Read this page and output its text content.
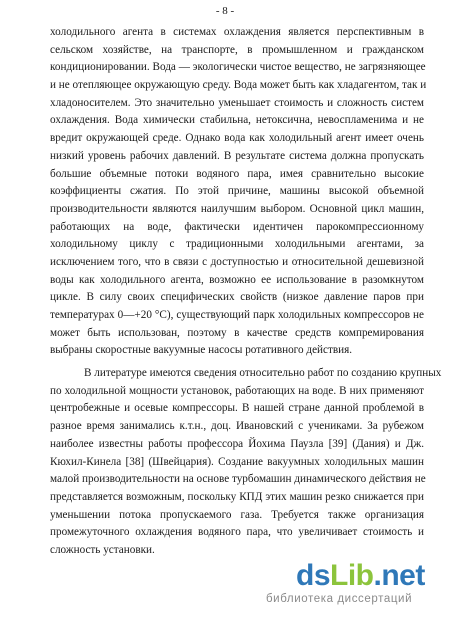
- 8 -
холодильного агента в системах охлаждения является перспективным в
сельском хозяйстве, на транспорте, в промышленном и гражданском
кондиционировании. Вода — экологически чистое вещество, не загрязняющее
и не отепляющее окружающую среду. Вода может быть как хладагентом, так и
хладоносителем. Это значительно уменьшает стоимость и сложность систем
охлаждения. Вода химически стабильна, нетоксична, невоспламенима и не
вредит окружающей среде. Однако вода как холодильный агент имеет очень
низкий уровень рабочих давлений. В результате система должна пропускать
большие объемные потоки водяного пара, имея сравнительно высокие
коэффициенты сжатия. По этой причине, машины высокой объемной
производительности являются наилучшим выбором. Основной цикл машин,
работающих на воде, фактически идентичен парокомпрессионному
холодильному циклу с традиционными холодильными агентами, за
исключением того, что в связи с доступностью и относительной дешевизной
воды как холодильного агента, возможно ее использование в разомкнутом
цикле. В силу своих специфических свойств (низкое давление паров при
температурах 0—+20 °С), существующий парк холодильных компрессоров не
может быть использован, поэтому в качестве средств компремирования
выбраны скоростные вакуумные насосы ротативного действия.
В литературе имеются сведения относительно работ по созданию крупных
по холодильной мощности установок, работающих на воде. В них применяют
центробежные и осевые компрессоры. В нашей стране данной проблемой в
разное время занимались к.т.н., доц. Ивановский с учениками. За рубежом
наиболее известны работы профессора Йохима Паузла [39] (Дания) и Дж.
Кюхил-Кинела [38] (Швейцария). Создание вакуумных холодильных машин
малой производительности на основе турбомашин динамического действия не
представляется возможным, поскольку КПД этих машин резко снижается при
уменьшении потока пропускаемого газа. Требуется также организация
промежуточного охлаждения водяного пара, что увеличивает стоимость и
сложность установки.
dsLib.net
библиотека диссертаций
